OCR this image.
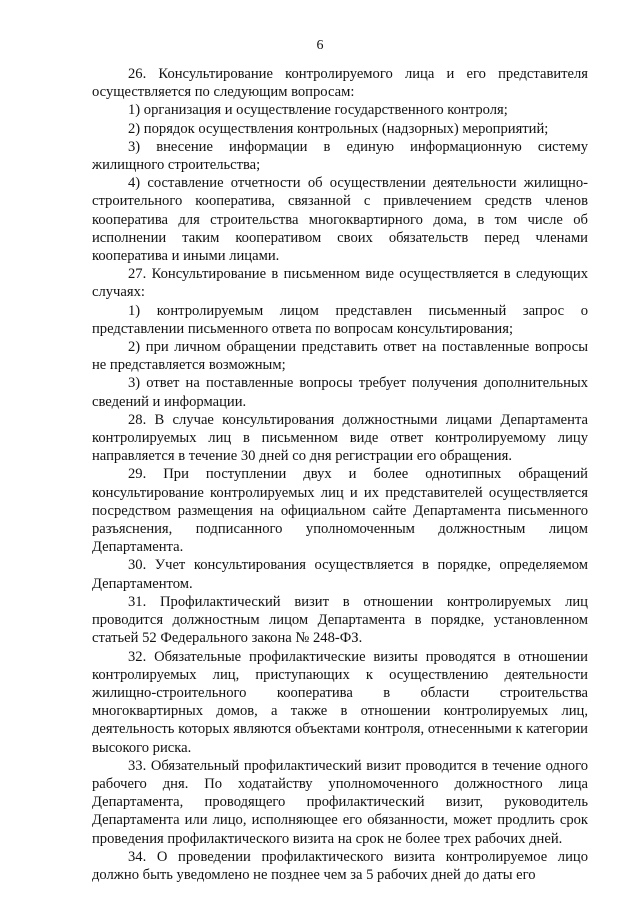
6

26. Консультирование контролируемого лица и его представителя осуществляется по следующим вопросам:

1) организация и осуществление государственного контроля;

2) порядок осуществления контрольных (надзорных) мероприятий;

3) внесение информации в единую информационную систему жилищного строительства;

4) составление отчетности об осуществлении деятельности жилищно-строительного кооператива, связанной с привлечением средств членов кооператива для строительства многоквартирного дома, в том числе об исполнении таким кооперативом своих обязательств перед членами кооператива и иными лицами.

27. Консультирование в письменном виде осуществляется в следующих случаях:

1) контролируемым лицом представлен письменный запрос о представлении письменного ответа по вопросам консультирования;

2) при личном обращении представить ответ на поставленные вопросы не представляется возможным;

3) ответ на поставленные вопросы требует получения дополнительных сведений и информации.

28. В случае консультирования должностными лицами Департамента контролируемых лиц в письменном виде ответ контролируемому лицу направляется в течение 30 дней со дня регистрации его обращения.

29. При поступлении двух и более однотипных обращений консультирование контролируемых лиц и их представителей осуществляется посредством размещения на официальном сайте Департамента письменного разъяснения, подписанного уполномоченным должностным лицом Департамента.

30. Учет консультирования осуществляется в порядке, определяемом Департаментом.

31. Профилактический визит в отношении контролируемых лиц проводится должностным лицом Департамента в порядке, установленном статьей 52 Федерального закона № 248-ФЗ.

32. Обязательные профилактические визиты проводятся в отношении контролируемых лиц, приступающих к осуществлению деятельности жилищно-строительного кооператива в области строительства многоквартирных домов, а также в отношении контролируемых лиц, деятельность которых являются объектами контроля, отнесенными к категории высокого риска.

33. Обязательный профилактический визит проводится в течение одного рабочего дня. По ходатайству уполномоченного должностного лица Департамента, проводящего профилактический визит, руководитель Департамента или лицо, исполняющее его обязанности, может продлить срок проведения профилактического визита на срок не более трех рабочих дней.

34. О проведении профилактического визита контролируемое лицо должно быть уведомлено не позднее чем за 5 рабочих дней до даты его
